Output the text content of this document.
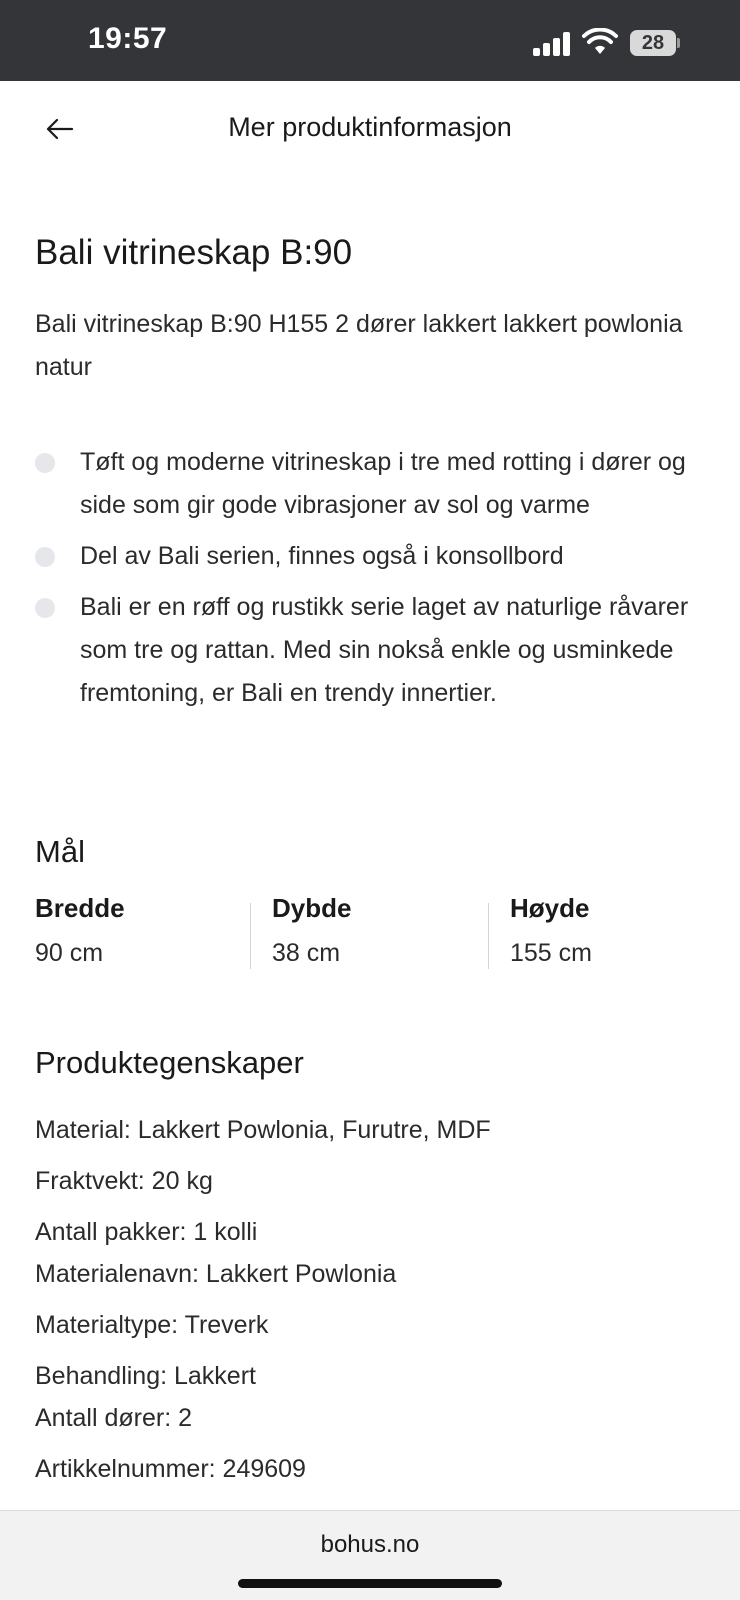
19:57	28
Mer produktinformasjon
Bali vitrineskap B:90
Bali vitrineskap B:90 H155 2 dører lakkert lakkert powlonia natur
Tøft og moderne vitrineskap i tre med rotting i dører og side som gir gode vibrasjoner av sol og varme
Del av Bali serien, finnes også i konsollbord
Bali er en røff og rustikk serie laget av naturlige råvarer som tre og rattan. Med sin nokså enkle og usminkede fremtoning, er Bali en trendy innertier.
Mål
Bredde
90 cm
Dybde
38 cm
Høyde
155 cm
Produktegenskaper
Material: Lakkert Powlonia, Furutre, MDF
Fraktvekt: 20 kg
Antall pakker: 1 kolli
Materialenavn: Lakkert Powlonia
Materialtype: Treverk
Behandling: Lakkert
Antall dører: 2
Artikkelnummer: 249609
bohus.no
